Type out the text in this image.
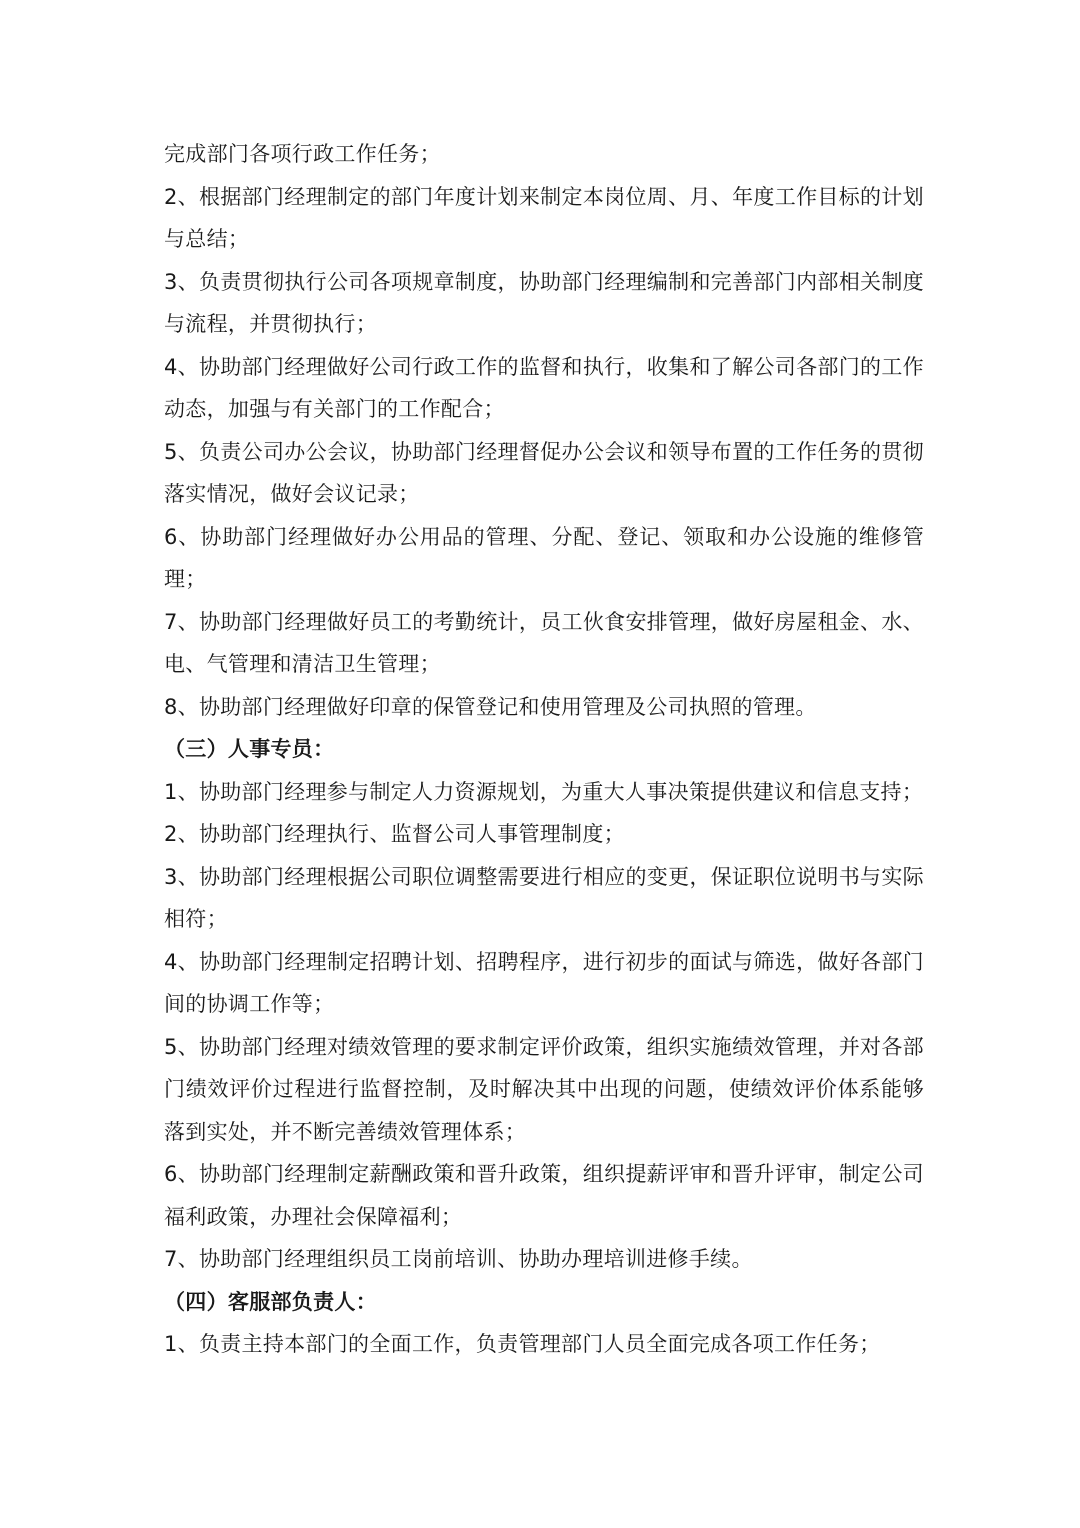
完成部门各项行政工作任务；

2、根据部门经理制定的部门年度计划来制定本岗位周、月、年度工作目标的计划与总结；

3、负责贯彻执行公司各项规章制度，协助部门经理编制和完善部门内部相关制度与流程，并贯彻执行；

4、协助部门经理做好公司行政工作的监督和执行，收集和了解公司各部门的工作动态，加强与有关部门的工作配合；

5、负责公司办公会议，协助部门经理督促办公会议和领导布置的工作任务的贯彻落实情况，做好会议记录；

6、协助部门经理做好办公用品的管理、分配、登记、领取和办公设施的维修管理；

7、协助部门经理做好员工的考勤统计，员工伙食安排管理，做好房屋租金、水、电、气管理和清洁卫生管理；

8、协助部门经理做好印章的保管登记和使用管理及公司执照的管理。

（三）人事专员：

1、协助部门经理参与制定人力资源规划，为重大人事决策提供建议和信息支持；

2、协助部门经理执行、监督公司人事管理制度；

3、协助部门经理根据公司职位调整需要进行相应的变更，保证职位说明书与实际相符；

4、协助部门经理制定招聘计划、招聘程序，进行初步的面试与筛选，做好各部门间的协调工作等；

5、协助部门经理对绩效管理的要求制定评价政策，组织实施绩效管理，并对各部门绩效评价过程进行监督控制，及时解决其中出现的问题，使绩效评价体系能够落到实处，并不断完善绩效管理体系；

6、协助部门经理制定薪酬政策和晋升政策，组织提薪评审和晋升评审，制定公司福利政策，办理社会保障福利；

7、协助部门经理组织员工岗前培训、协助办理培训进修手续。

（四）客服部负责人：

1、负责主持本部门的全面工作，负责管理部门人员全面完成各项工作任务；
